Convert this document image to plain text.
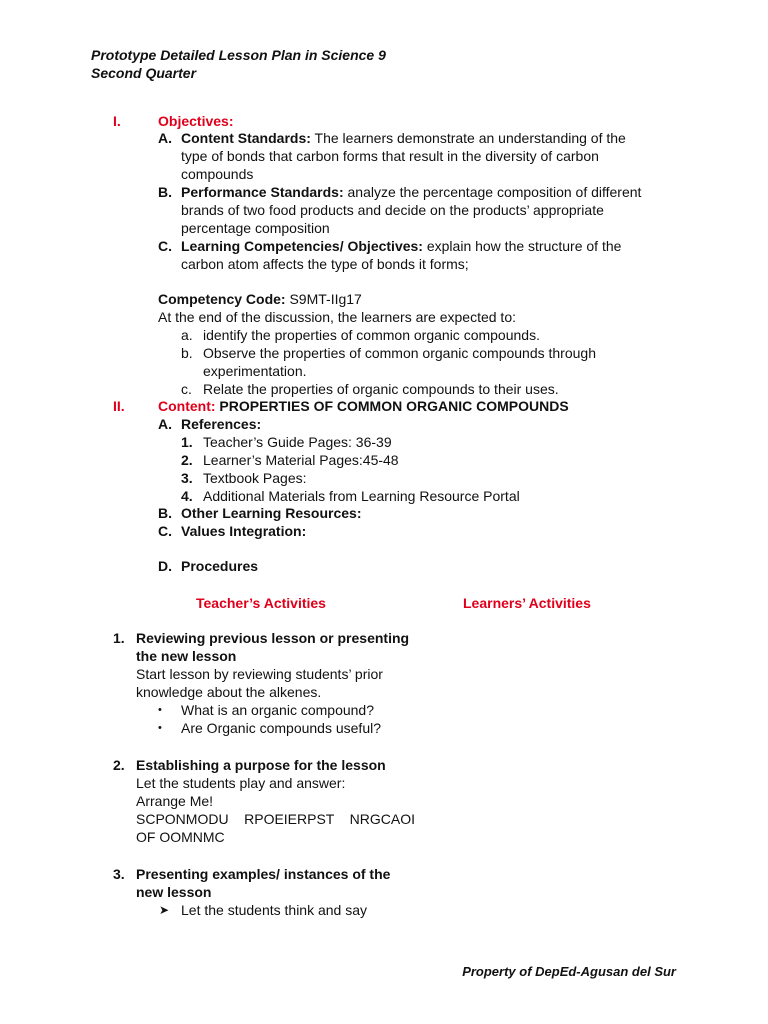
Prototype Detailed Lesson Plan in Science 9
Second Quarter
I.	Objectives:
A. Content Standards: The learners demonstrate an understanding of the
type of bonds that carbon forms that result in the diversity of carbon
compounds
B. Performance Standards: analyze the percentage composition of different
brands of two food products and decide on the products’ appropriate
percentage composition
C. Learning Competencies/ Objectives: explain how the structure of the
carbon atom affects the type of bonds it forms;
Competency Code: S9MT-IIg17
At the end of the discussion, the learners are expected to:
a. identify the properties of common organic compounds.
b. Observe the properties of common organic compounds through
experimentation.
c. Relate the properties of organic compounds to their uses.
II. Content: PROPERTIES OF COMMON ORGANIC COMPOUNDS
A. References:
1. Teacher’s Guide Pages: 36-39
2. Learner’s Material Pages:45-48
3. Textbook Pages:
4. Additional Materials from Learning Resource Portal
B. Other Learning Resources:
C. Values Integration:
D. Procedures
Teacher’s Activities	Learners’ Activities
1. Reviewing previous lesson or presenting
the new lesson
Start lesson by reviewing students’ prior
knowledge about the alkenes.
• What is an organic compound?
• Are Organic compounds useful?
2. Establishing a purpose for the lesson
Let the students play and answer:
Arrange Me!
SCPONMODU    RPOEIERPST    NRGCAOI
OF OOMNMC
3. Presenting examples/ instances of the
new lesson
➤ Let the students think and say
Property of DepEd-Agusan del Sur
